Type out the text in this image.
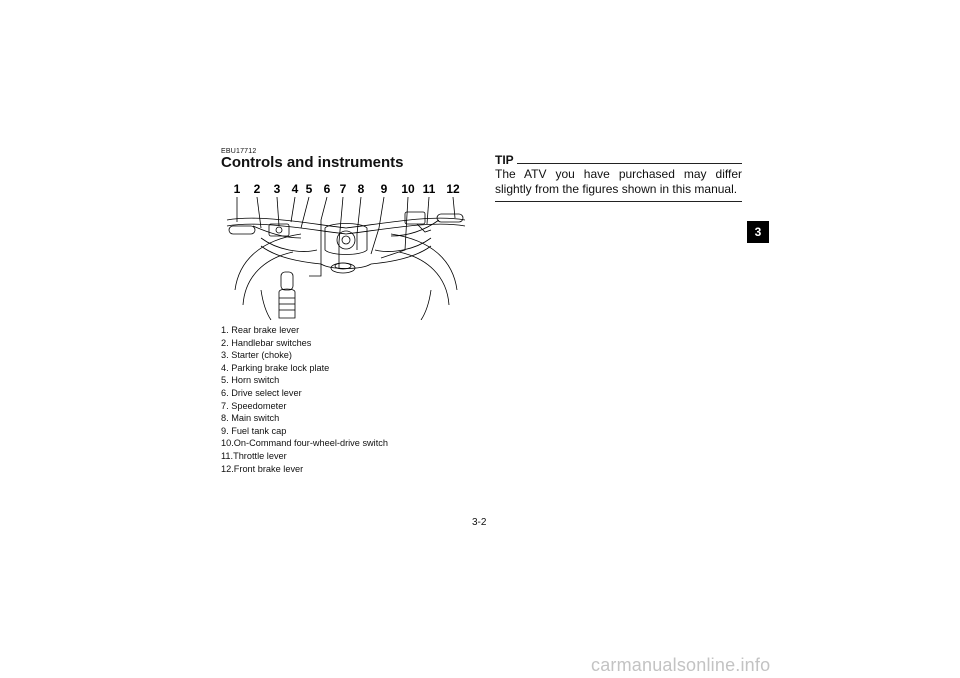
EBU17712
Controls and instruments
1 2 3 4 5 6 7 8 9 10 11 12
1. Rear brake lever
2. Handlebar switches
3. Starter (choke)
4. Parking brake lock plate
5. Horn switch
6. Drive select lever
7. Speedometer
8. Main switch
9. Fuel tank cap
10.On-Command four-wheel-drive switch
11.Throttle lever
12.Front brake lever
TIP
The ATV you have purchased may differ slightly from the figures shown in this manual.
3
3-2
carmanualsonline.info
